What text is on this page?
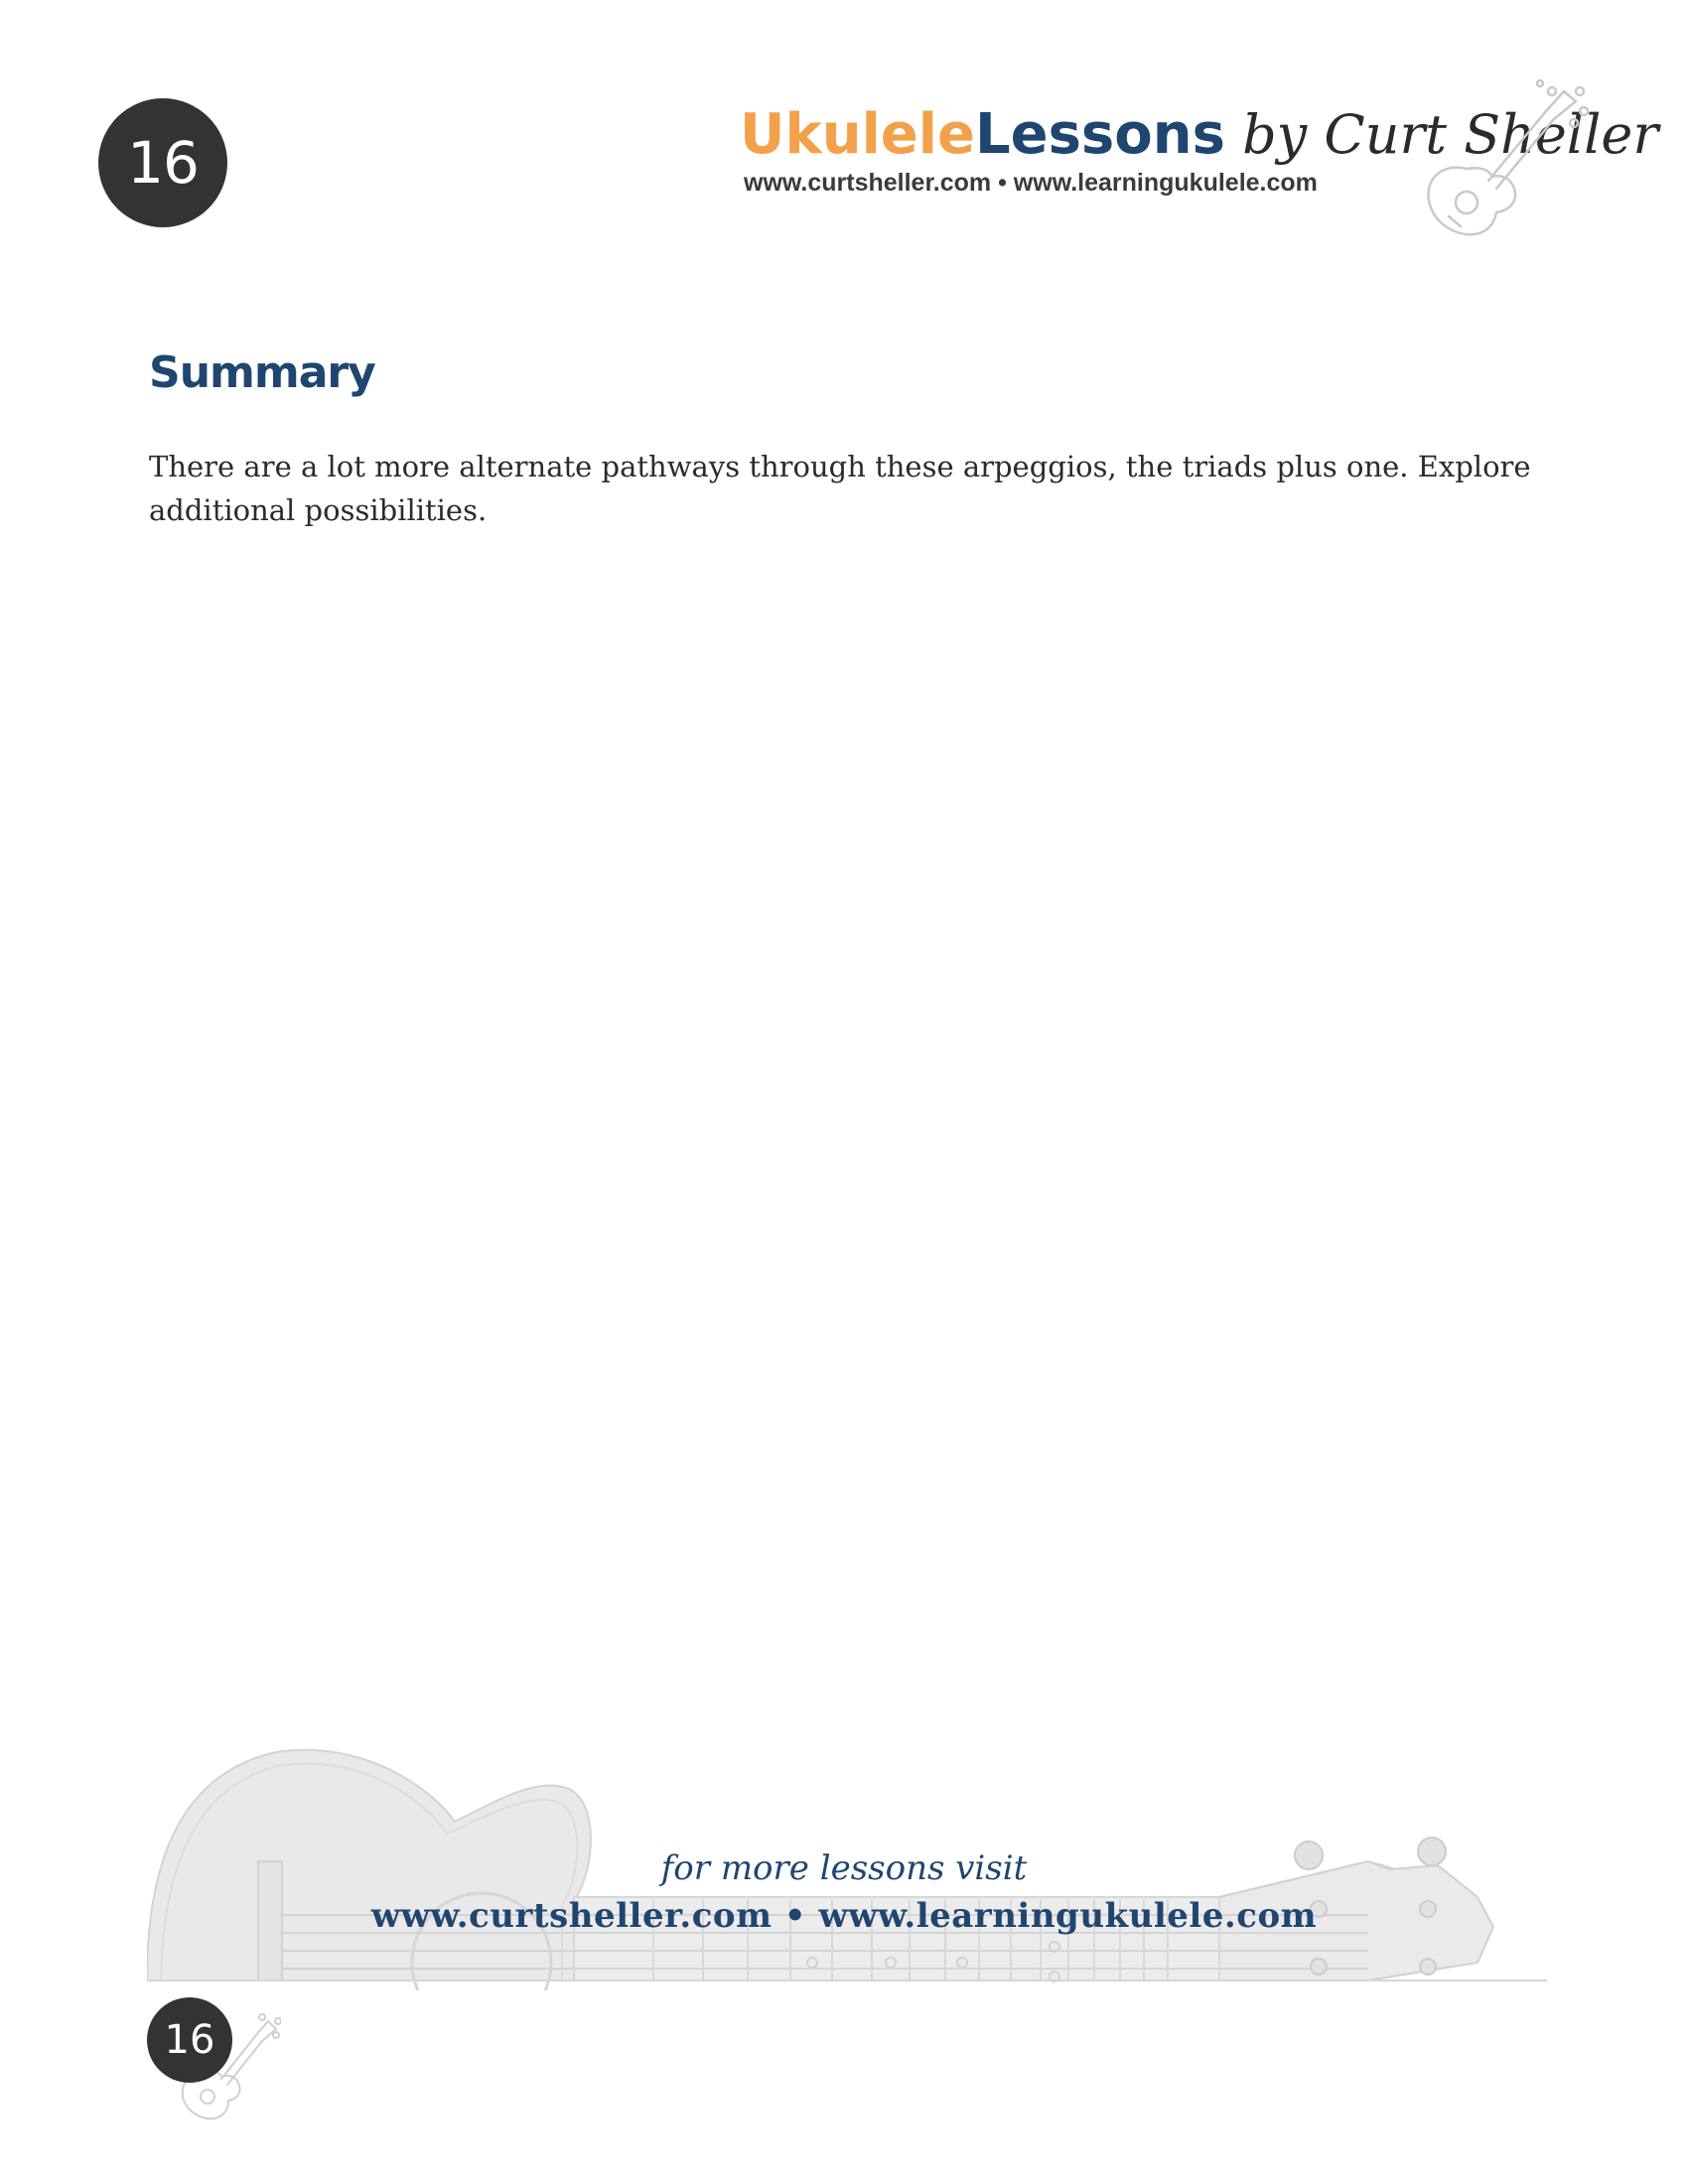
16	UkuleleLessons by Curt Sheller
www.curtsheller.com • www.learningukulele.com
Summary

There are a lot more alternate pathways through these arpeggios, the triads plus one. Explore additional possibilities.

for more lessons visit
www.curtsheller.com • www.learningukulele.com
16
